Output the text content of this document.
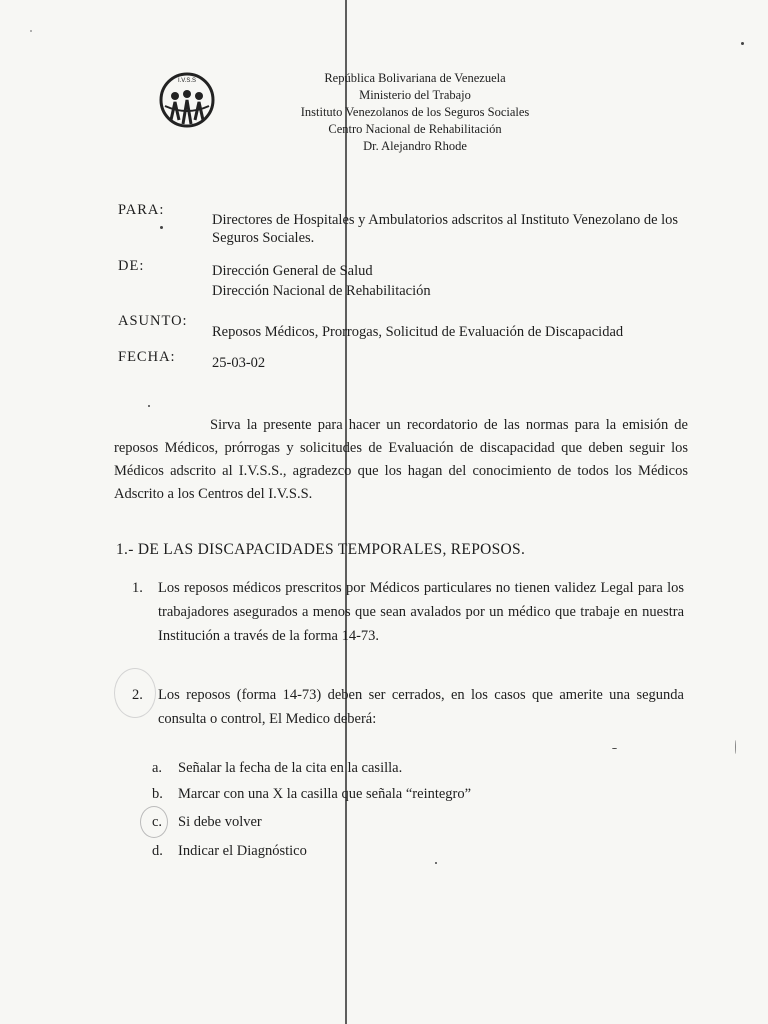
I.V.S.S	República Bolivariana de Venezuela
Ministerio del Trabajo
Instituto Venezolanos de los Seguros Sociales
Centro Nacional de Rehabilitación
Dr. Alejandro Rhode
PARA:
Directores de Hospitales y Ambulatorios adscritos al Instituto Venezolano de los Seguros Sociales.
DE:	Dirección General de Salud
Dirección Nacional de Rehabilitación
ASUNTO:
Reposos Médicos, Prorrogas, Solicitud de Evaluación de Discapacidad
FECHA:	25-03-02
Sirva la presente para hacer un recordatorio de las normas para la emisión de reposos Médicos, prórrogas y solicitudes de Evaluación de discapacidad que deben seguir los Médicos adscrito al I.V.S.S., agradezco que los hagan del conocimiento de todos los Médicos Adscrito a los Centros del I.V.S.S.
1.- DE LAS DISCAPACIDADES TEMPORALES, REPOSOS.
1. Los reposos médicos prescritos por Médicos particulares no tienen validez Legal para los trabajadores asegurados a menos que sean avalados por un médico que trabaje en nuestra Institución a través de la forma 14-73.
2. Los reposos (forma 14-73) deben ser cerrados, en los casos que amerite una segunda consulta o control, El Medico deberá:
a. Señalar la fecha de la cita en la casilla.
b. Marcar con una X la casilla que señala “reintegro”
c. Si debe volver
d. Indicar el Diagnóstico
